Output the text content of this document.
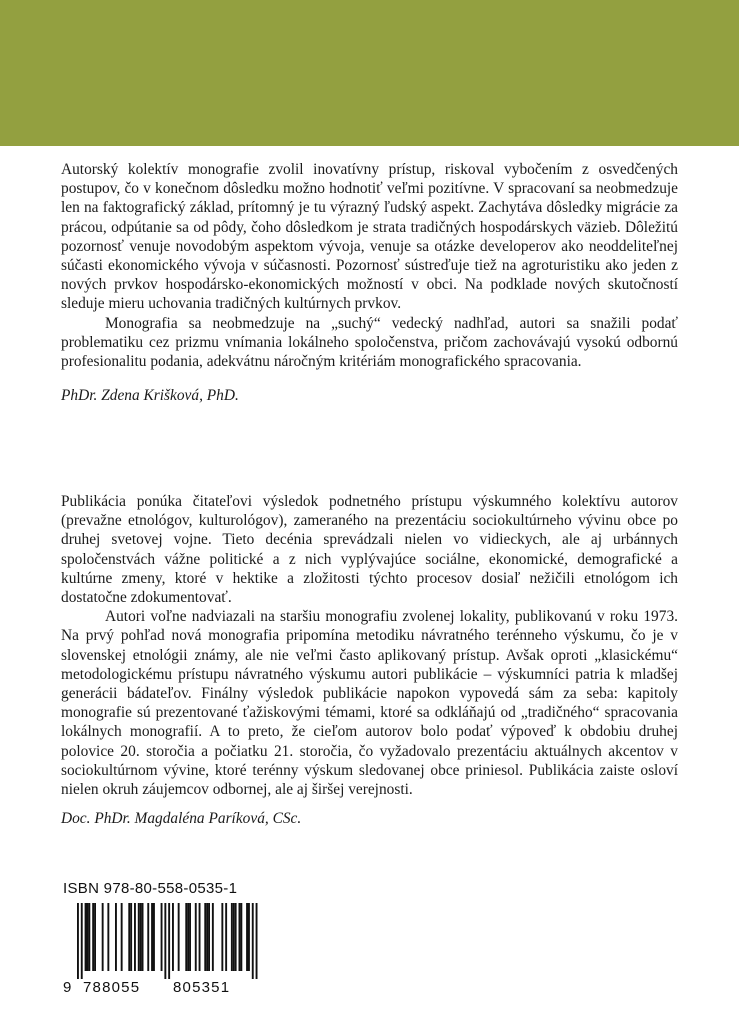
Autorský kolektív monografie zvolil inovatívny prístup, riskoval vybočením z osvedčených postupov, čo v konečnom dôsledku možno hodnotiť veľmi pozitívne. V spracovaní sa neobmedzuje len na faktografický základ, prítomný je tu výrazný ľudský aspekt. Zachytáva dôsledky migrácie za prácou, odpútanie sa od pôdy, čoho dôsledkom je strata tradičných hospodárskych väzieb. Dôležitú pozornosť venuje novodobým aspektom vývoja, venuje sa otázke developerov ako neoddeliteľnej súčasti ekonomického vývoja v súčasnosti. Pozornosť sústreďuje tiež na agroturistiku ako jeden z nových prvkov hospodársko-ekonomických možností v obci. Na podklade nových skutočností sleduje mieru uchovania tradičných kultúrnych prvkov.

Monografia sa neobmedzuje na „suchý“ vedecký nadhľad, autori sa snažili podať problematiku cez prizmu vnímania lokálneho spoločenstva, pričom zachovávajú vysokú odbornú profesionalitu podania, adekvátnu náročným kritériám monografického spracovania.

PhDr. Zdena Krišková, PhD.

Publikácia ponúka čitateľovi výsledok podnetného prístupu výskumného kolektívu autorov (prevažne etnológov, kulturológov), zameraného na prezentáciu sociokultúrneho vývinu obce po druhej svetovej vojne. Tieto decénia sprevádzali nielen vo vidieckych, ale aj urbánnych spoločenstvách vážne politické a z nich vyplývajúce sociálne, ekonomické, demografické a kultúrne zmeny, ktoré v hektike a zložitosti týchto procesov dosiaľ nežičili etnológom ich dostatočne zdokumentovať.

Autori voľne nadviazali na staršiu monografiu zvolenej lokality, publikovanú v roku 1973. Na prvý pohľad nová monografia pripomína metodiku návratného terénneho výskumu, čo je v slovenskej etnológii známy, ale nie veľmi často aplikovaný prístup. Avšak oproti „klasickému“ metodologickému prístupu návratného výskumu autori publikácie – výskumníci patria k mladšej generácii bádateľov. Finálny výsledok publikácie napokon vypovedá sám za seba: kapitoly monografie sú prezentované ťažiskovými témami, ktoré sa odkláňajú od „tradičného“ spracovania lokálnych monografií. A to preto, že cieľom autorov bolo podať výpoveď k obdobiu druhej polovice 20. storočia a počiatku 21. storočia, čo vyžadovalo prezentáciu aktuálnych akcentov v sociokultúrnom vývine, ktoré terénny výskum sledovanej obce priniesol. Publikácia zaiste osloví nielen okruh záujemcov odbornej, ale aj širšej verejnosti.

Doc. PhDr. Magdaléna Paríková, CSc.

ISBN 978-80-558-0535-1

9 788055 805351
